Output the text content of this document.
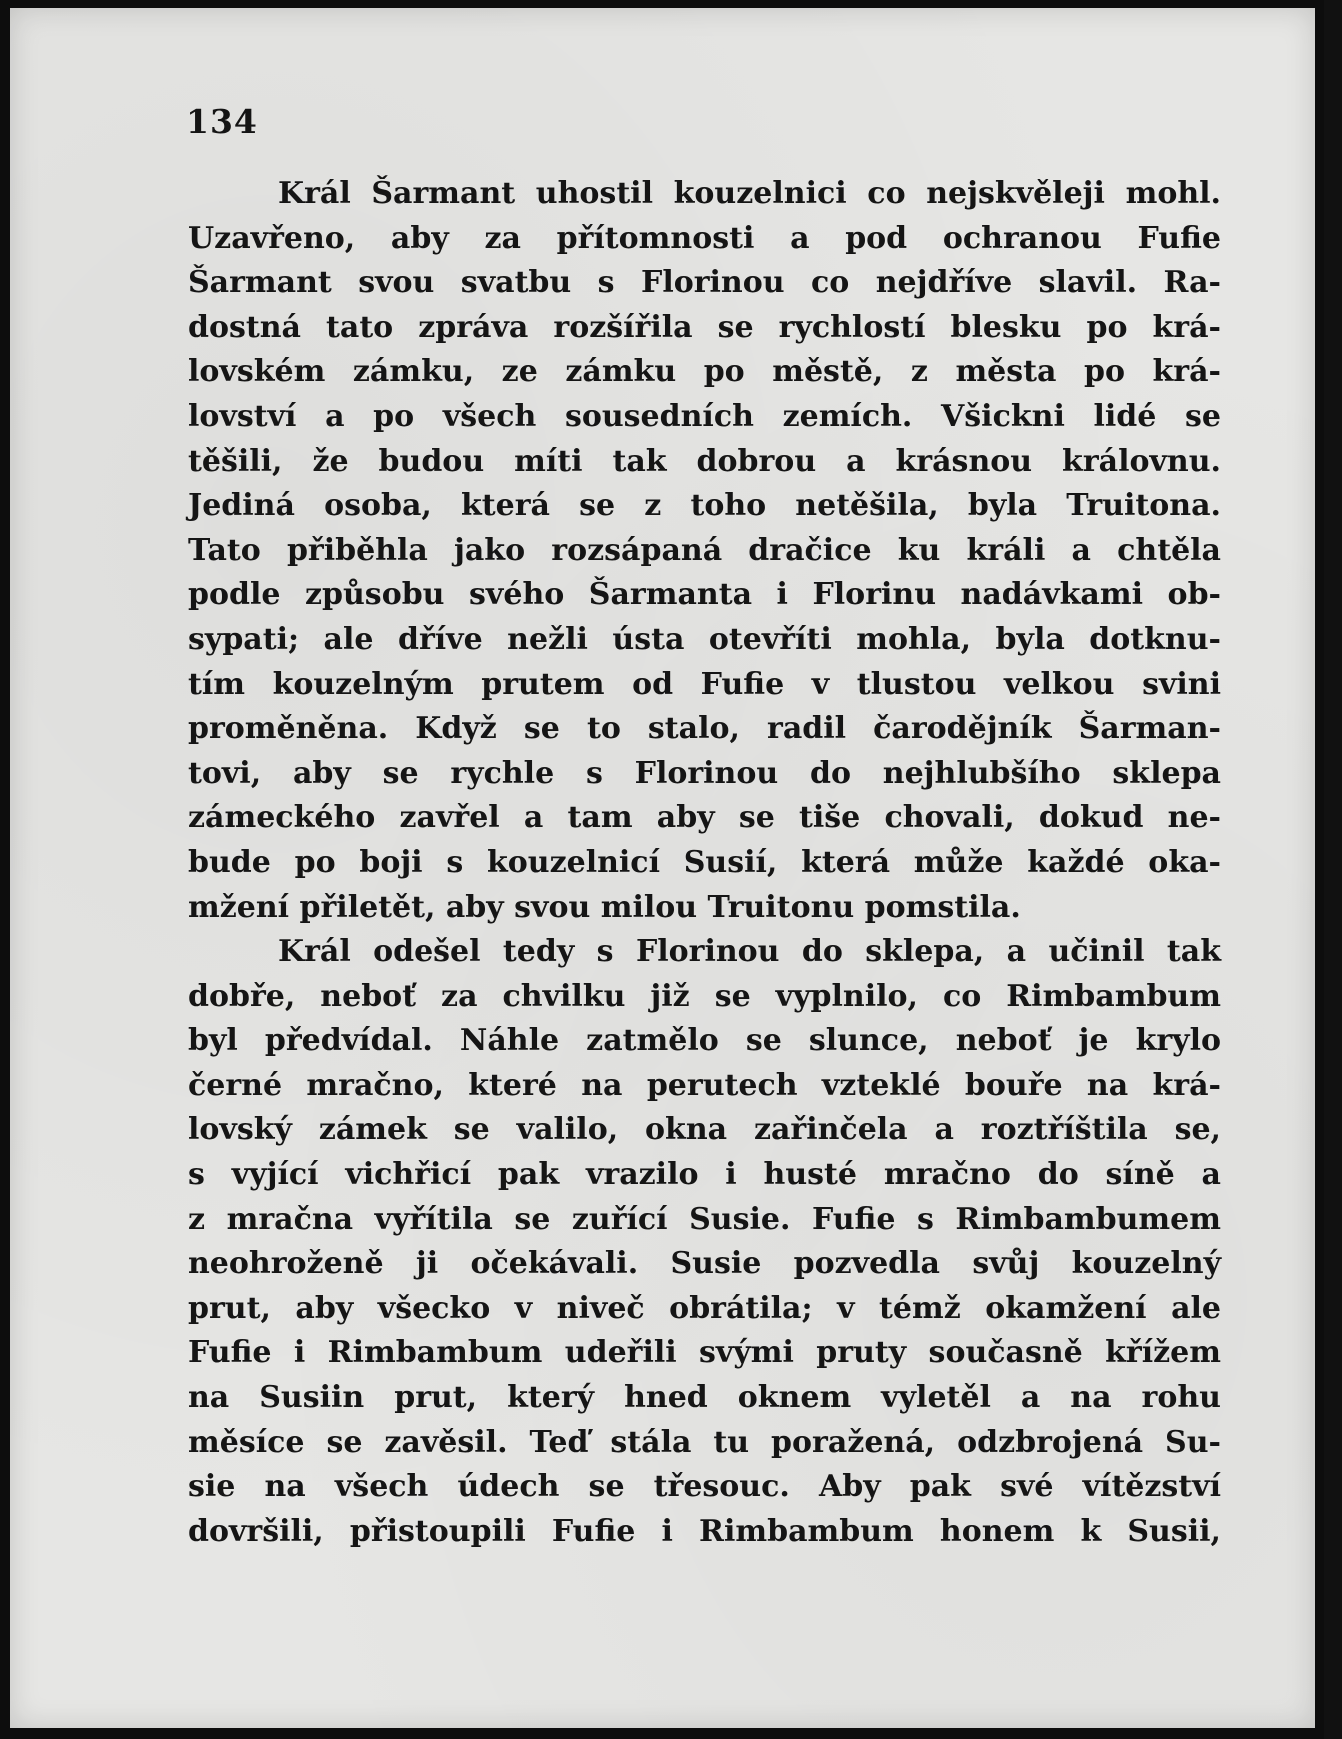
134
Král Šarmant uhostil kouzelnici co nejskvěleji mohl.
Uzavřeno, aby za přítomnosti a pod ochranou Fufie
Šarmant svou svatbu s Florinou co nejdříve slavil. Ra-
dostná tato zpráva rozšířila se rychlostí blesku po krá-
lovském zámku, ze zámku po městě, z města po krá-
lovství a po všech sousedních zemích. Všickni lidé se
těšili, že budou míti tak dobrou a krásnou královnu.
Jediná osoba, která se z toho netěšila, byla Truitona.
Tato přiběhla jako rozsápaná dračice ku králi a chtěla
podle způsobu svého Šarmanta i Florinu nadávkami ob-
sypati; ale dříve nežli ústa otevříti mohla, byla dotknu-
tím kouzelným prutem od Fufie v tlustou velkou svini
proměněna. Když se to stalo, radil čarodějník Šarman-
tovi, aby se rychle s Florinou do nejhlubšího sklepa
zámeckého zavřel a tam aby se tiše chovali, dokud ne-
bude po boji s kouzelnicí Susií, která může každé oka-
mžení přiletět, aby svou milou Truitonu pomstila.
Král odešel tedy s Florinou do sklepa, a učinil tak
dobře, neboť za chvilku již se vyplnilo, co Rimbambum
byl předvídal. Náhle zatmělo se slunce, neboť je krylo
černé mračno, které na perutech vzteklé bouře na krá-
lovský zámek se valilo, okna zařinčela a roztříštila se,
s vyjící vichřicí pak vrazilo i husté mračno do síně a
z mračna vyřítila se zuřící Susie. Fufie s Rimbambumem
neohroženě ji očekávali. Susie pozvedla svůj kouzelný
prut, aby všecko v niveč obrátila; v témž okamžení ale
Fufie i Rimbambum udeřili svými pruty současně křížem
na Susiin prut, který hned oknem vyletěl a na rohu
měsíce se zavěsil. Teď stála tu poražená, odzbrojená Su-
sie na všech údech se třesouc. Aby pak své vítězství
dovršili, přistoupili Fufie i Rimbambum honem k Susii,
